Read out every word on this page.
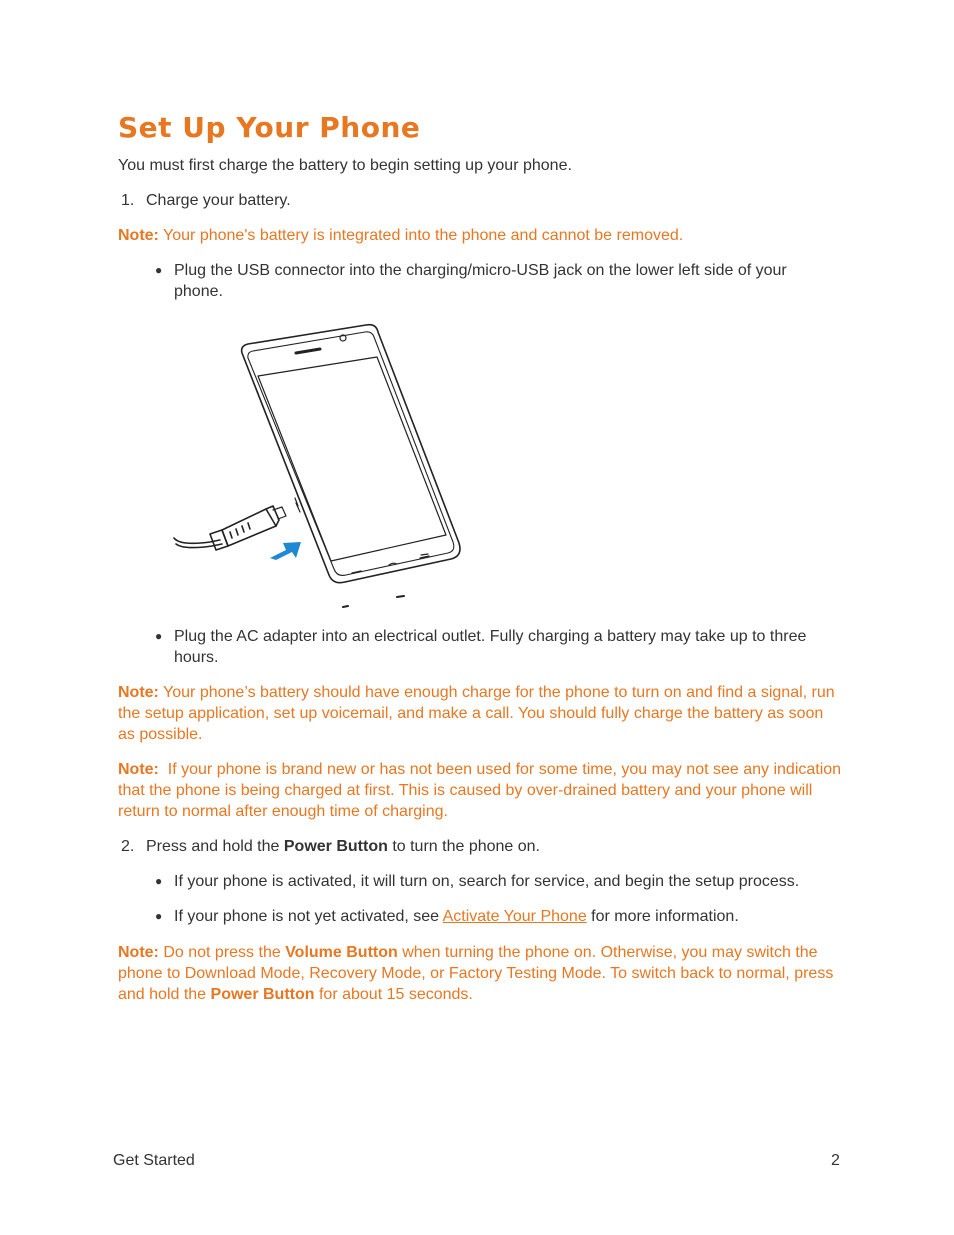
Set Up Your Phone

You must first charge the battery to begin setting up your phone.

1. Charge your battery.

Note: Your phone's battery is integrated into the phone and cannot be removed.

● Plug the USB connector into the charging/micro-USB jack on the lower left side of your phone.
● Plug the AC adapter into an electrical outlet. Fully charging a battery may take up to three hours.

Note: Your phone’s battery should have enough charge for the phone to turn on and find a signal, run the setup application, set up voicemail, and make a call. You should fully charge the battery as soon as possible.

Note:  If your phone is brand new or has not been used for some time, you may not see any indication that the phone is being charged at first. This is caused by over-drained battery and your phone will return to normal after enough time of charging.

2. Press and hold the Power Button to turn the phone on.

● If your phone is activated, it will turn on, search for service, and begin the setup process.
● If your phone is not yet activated, see Activate Your Phone for more information.

Note: Do not press the Volume Button when turning the phone on. Otherwise, you may switch the phone to Download Mode, Recovery Mode, or Factory Testing Mode. To switch back to normal, press and hold the Power Button for about 15 seconds.

Get Started	2
